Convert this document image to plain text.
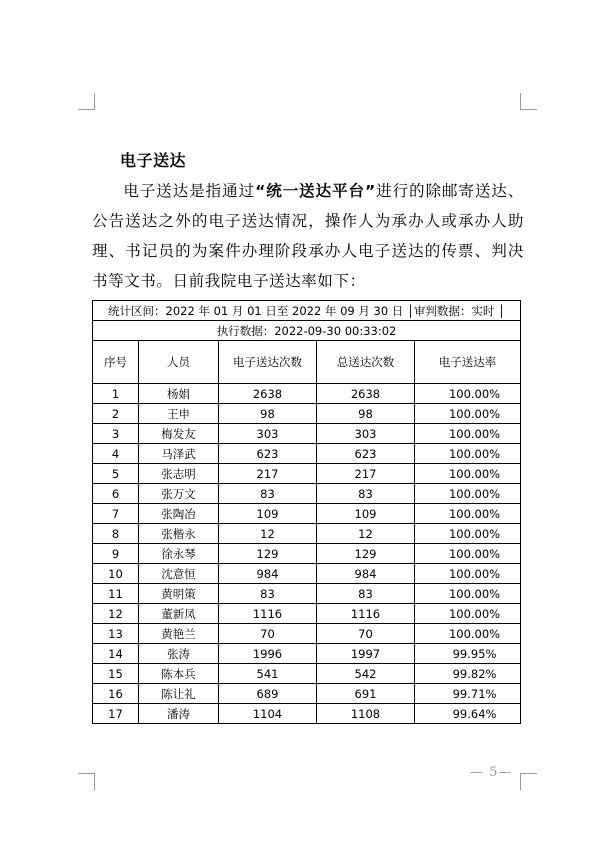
电子送达
电子送达是指通过“统一送达平台”进行的除邮寄送达、公告送达之外的电子送达情况，操作人为承办人或承办人助理、书记员的为案件办理阶段承办人电子送达的传票、判决书等文书。日前我院电子送达率如下：
统计区间：2022 年 01 月 01 日至 2022 年 09 月 30 日 │审判数据：实时 │				
执行数据：2022-09-30 00:33:02				
序号	人员	电子送达次数	总送达次数	电子送达率
1	杨娟	2638	2638	100.00%
2	王申	98	98	100.00%
3	梅发友	303	303	100.00%
4	马泽武	623	623	100.00%
5	张志明	217	217	100.00%
6	张万文	83	83	100.00%
7	张陶冶	109	109	100.00%
8	张楷永	12	12	100.00%
9	徐永琴	129	129	100.00%
10	沈意恒	984	984	100.00%
11	黄明策	83	83	100.00%
12	董新凤	1116	1116	100.00%
13	黄艳兰	70	70	100.00%
14	张涛	1996	1997	99.95%
15	陈本兵	541	542	99.82%
16	陈让礼	689	691	99.71%
17	潘涛	1104	1108	99.64%
— 5—
